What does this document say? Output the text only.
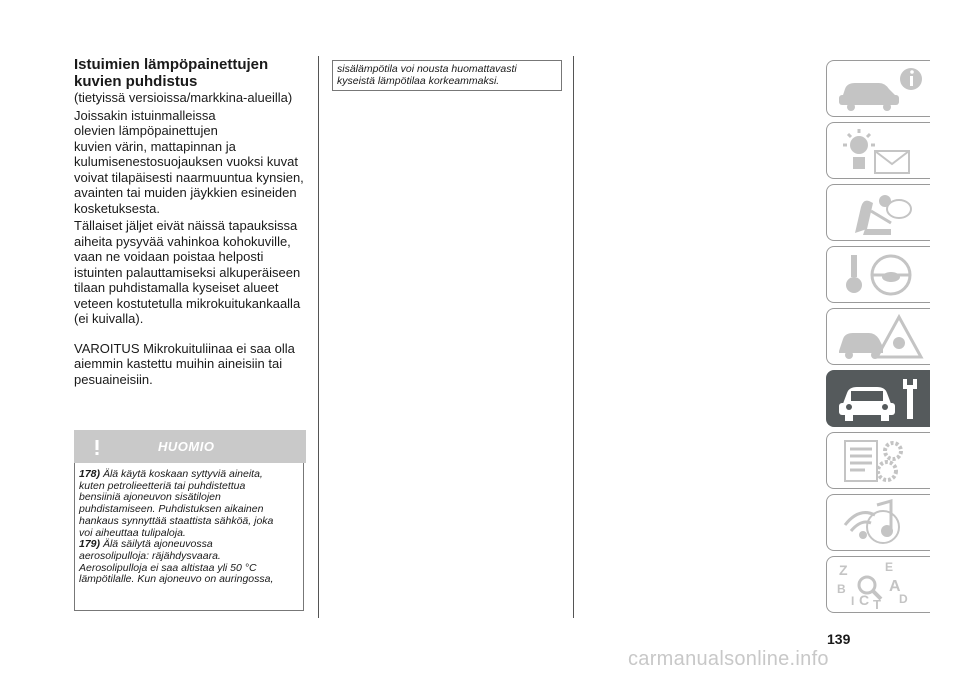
Istuimien lämpöpainettujen kuvien puhdistus

(tietyissä versioissa/markkina-alueilla)

Joissakin istuinmalleissa
olevien lämpöpainettujen
kuvien värin, mattapinnan ja
kulumisenestosuojauksen vuoksi kuvat
voivat tilapäisesti naarmuuntua kynsien,
avainten tai muiden jäykkien esineiden
kosketuksesta.
Tällaiset jäljet eivät näissä tapauksissa
aiheita pysyvää vahinkoa kohokuville,
vaan ne voidaan poistaa helposti
istuinten palauttamiseksi alkuperäiseen
tilaan puhdistamalla kyseiset alueet
veteen kostutetulla mikrokuitukankaalla
(ei kuivalla).
VAROITUS Mikrokuituliinaa ei saa olla
aiemmin kastettu muihin aineisiin tai
pesuaineisiin.
HUOMIO

178) Älä käytä koskaan syttyviä aineita,
kuten petrolieetteriä tai puhdistettua
bensiiniä ajoneuvon sisätilojen
puhdistamiseen. Puhdistuksen aikainen
hankaus synnyttää staattista sähköä, joka
voi aiheuttaa tulipaloja.

179) Älä säilytä ajoneuvossa
aerosolipulloja: räjähdysvaara.
Aerosolipulloja ei saa altistaa yli 50 °C
lämpötilalle. Kun ajoneuvo on auringossa,

sisälämpötila voi nousta huomattavasti
kyseistä lämpötilaa korkeammaksi.

Z	E
B	A
I C T D
139
carmanualsonline.info
